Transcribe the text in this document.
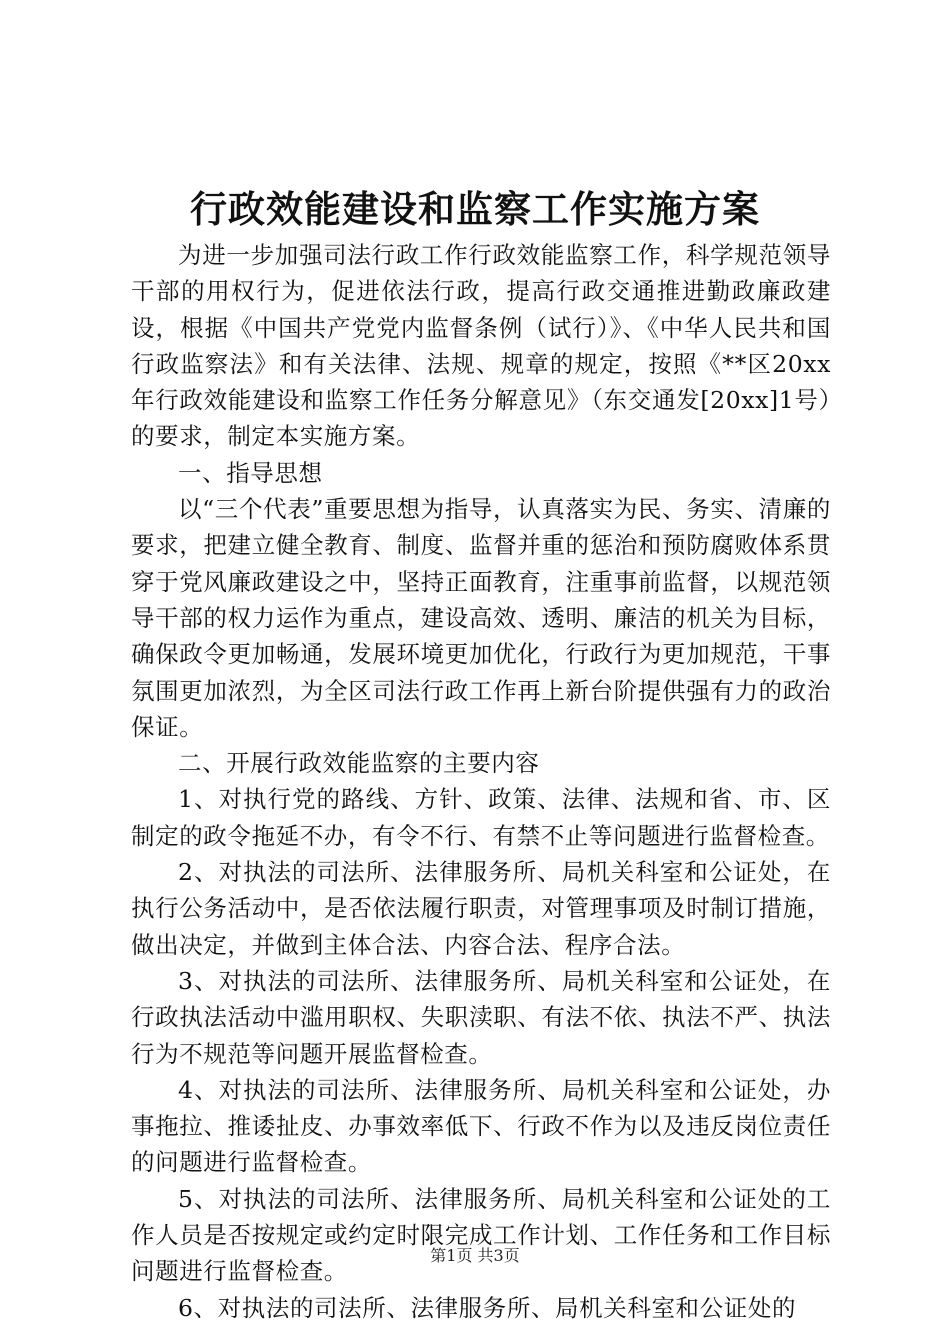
行政效能建设和监察工作实施方案

为进一步加强司法行政工作行政效能监察工作，科学规范领导干部的用权行为，促进依法行政，提高行政交通推进勤政廉政建设，根据《中国共产党党内监督条例（试行）》、《中华人民共和国行政监察法》和有关法律、法规、规章的规定，按照《**区20xx年行政效能建设和监察工作任务分解意见》（东交通发[20xx]1号）的要求，制定本实施方案。

一、指导思想

以“三个代表”重要思想为指导，认真落实为民、务实、清廉的要求，把建立健全教育、制度、监督并重的惩治和预防腐败体系贯穿于党风廉政建设之中，坚持正面教育，注重事前监督，以规范领导干部的权力运作为重点，建设高效、透明、廉洁的机关为目标，确保政令更加畅通，发展环境更加优化，行政行为更加规范，干事氛围更加浓烈，为全区司法行政工作再上新台阶提供强有力的政治保证。

二、开展行政效能监察的主要内容

1、对执行党的路线、方针、政策、法律、法规和省、市、区制定的政令拖延不办，有令不行、有禁不止等问题进行监督检查。

2、对执法的司法所、法律服务所、局机关科室和公证处，在执行公务活动中，是否依法履行职责，对管理事项及时制订措施，做出决定，并做到主体合法、内容合法、程序合法。

3、对执法的司法所、法律服务所、局机关科室和公证处，在行政执法活动中滥用职权、失职渎职、有法不依、执法不严、执法行为不规范等问题开展监督检查。

4、对执法的司法所、法律服务所、局机关科室和公证处，办事拖拉、推诿扯皮、办事效率低下、行政不作为以及违反岗位责任的问题进行监督检查。

5、对执法的司法所、法律服务所、局机关科室和公证处的工作人员是否按规定或约定时限完成工作计划、工作任务和工作目标问题进行监督检查。

6、对执法的司法所、法律服务所、局机关科室和公证处的

第1页 共3页
